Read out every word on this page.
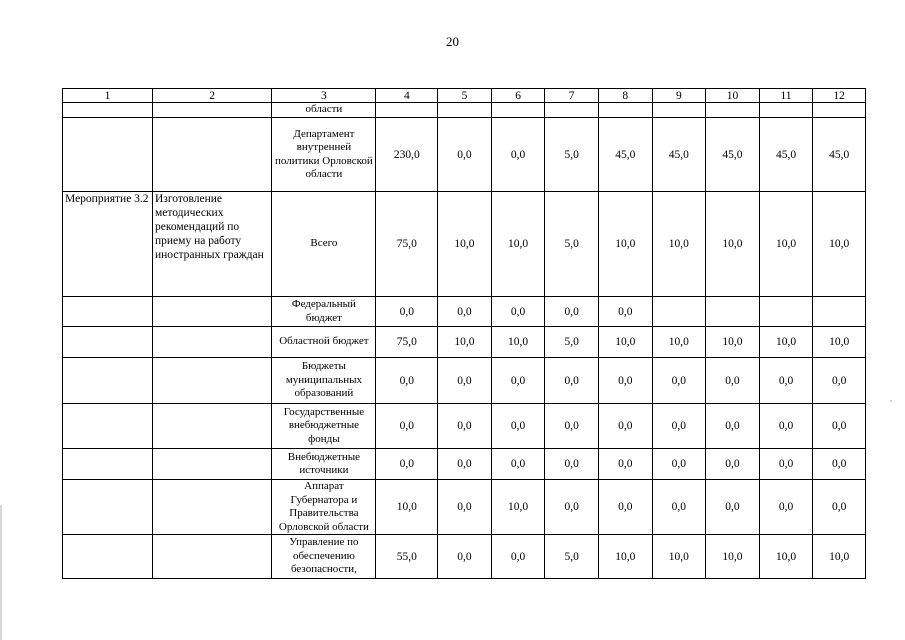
20
1	2	3	4	5	6	7	8	9	10	11	12
		области									
		Департамент внутренней политики Орловской области	230,0	0,0	0,0	5,0	45,0	45,0	45,0	45,0	45,0
Мероприятие 3.2	Изготовление методических рекомендаций по приему на работу иностранных граждан	Всего	75,0	10,0	10,0	5,0	10,0	10,0	10,0	10,0	10,0
		Федеральный бюджет	0,0	0,0	0,0	0,0	0,0				
		Областной бюджет	75,0	10,0	10,0	5,0	10,0	10,0	10,0	10,0	10,0
		Бюджеты муниципальных образований	0,0	0,0	0,0	0,0	0,0	0,0	0,0	0,0	0,0
		Государственные внебюджетные фонды	0,0	0,0	0,0	0,0	0,0	0,0	0,0	0,0	0,0
		Внебюджетные источники	0,0	0,0	0,0	0,0	0,0	0,0	0,0	0,0	0,0
		Аппарат Губернатора и Правительства Орловской области	10,0	0,0	10,0	0,0	0,0	0,0	0,0	0,0	0,0
		Управление по обеспечению безопасности,	55,0	0,0	0,0	5,0	10,0	10,0	10,0	10,0	10,0
